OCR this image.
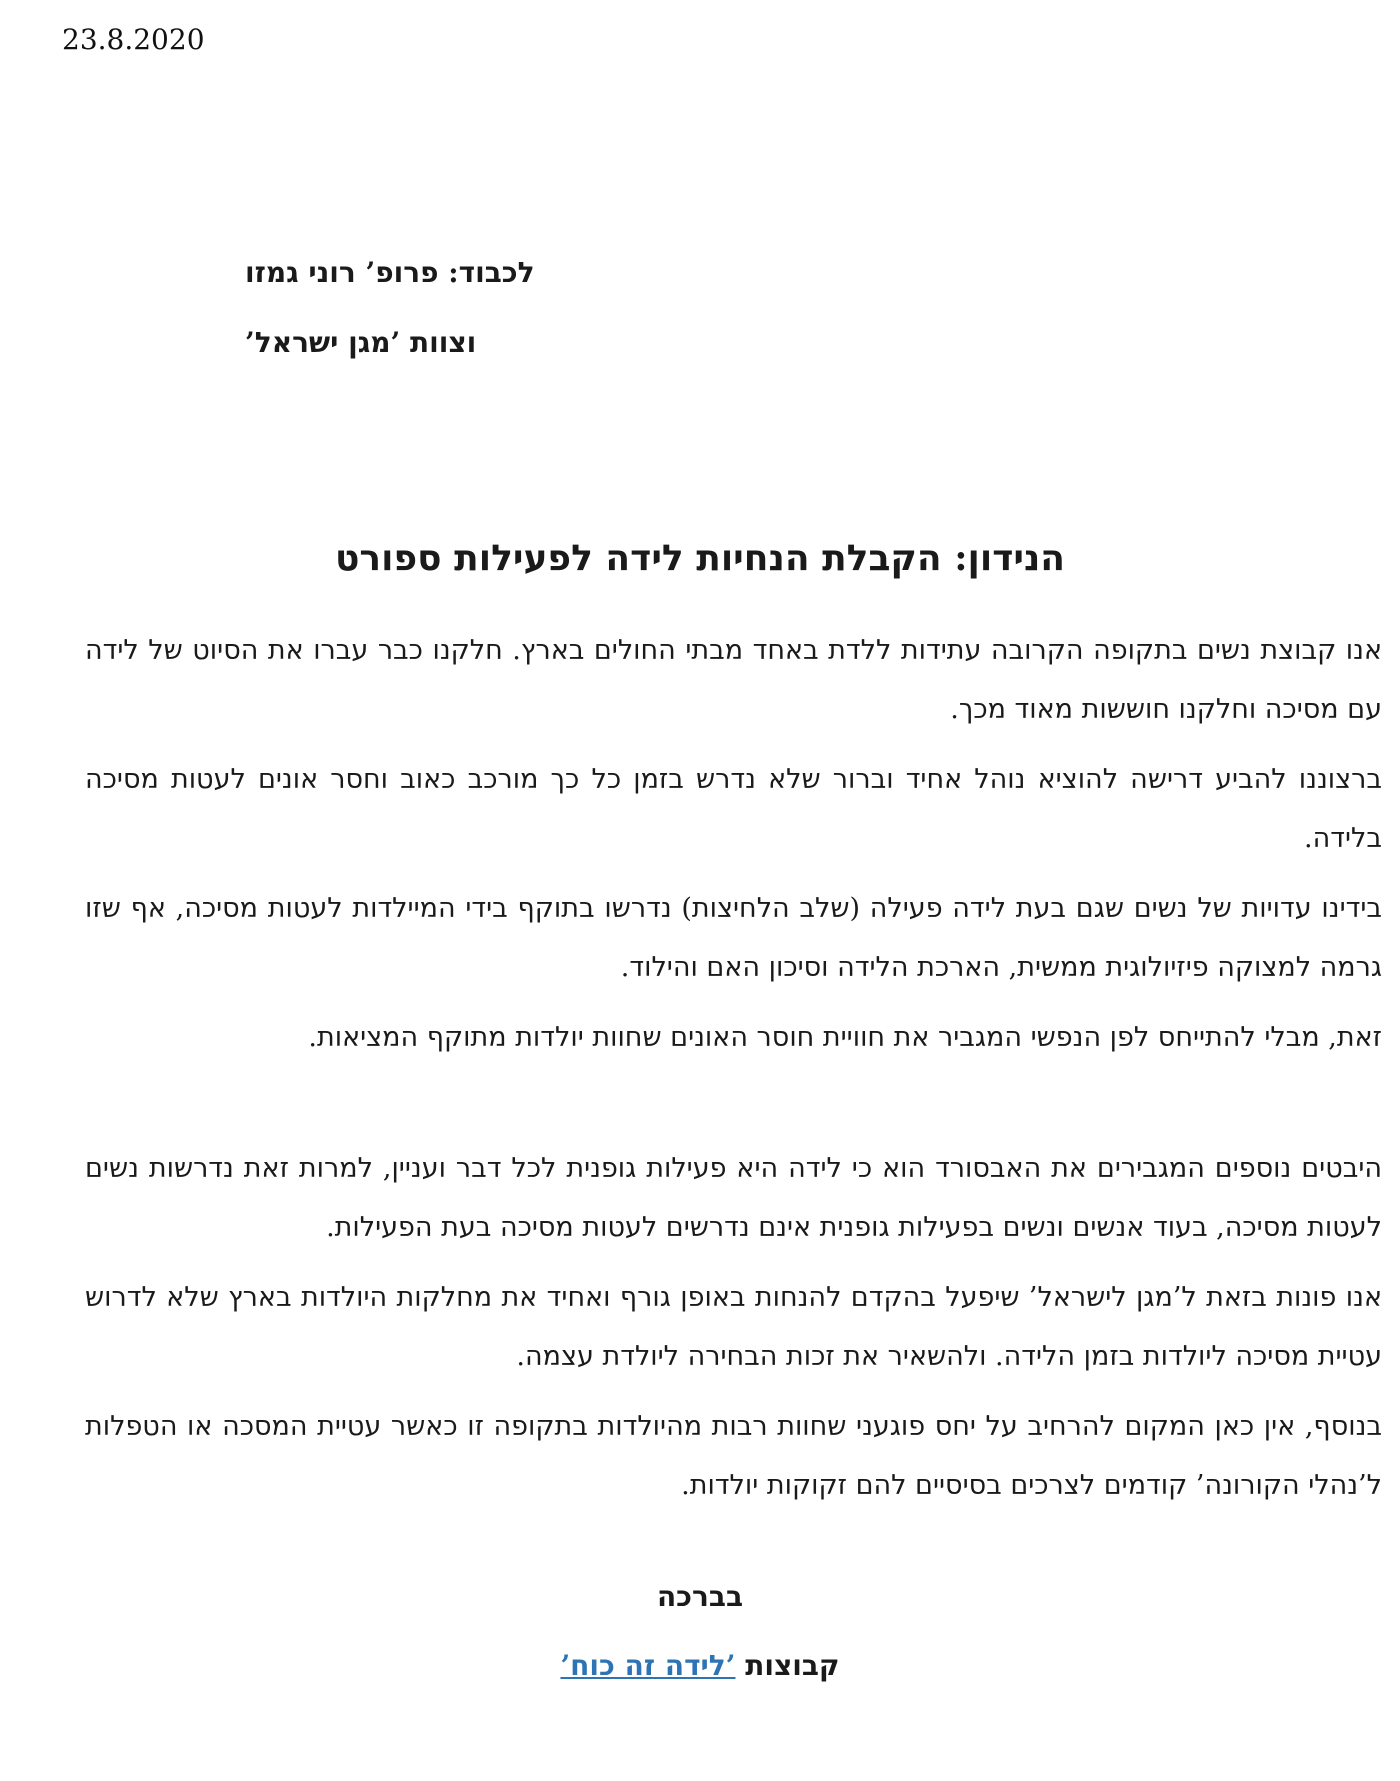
23.8.2020
לכבוד: פרופ’ רוני גמזו
וצוות ’מגן ישראל’
הנידון: הקבלת הנחיות לידה לפעילות ספורט

אנו קבוצת נשים בתקופה הקרובה עתידות ללדת באחד מבתי החולים בארץ. חלקנו כבר עברו את הסיוט של לידה עם מסיכה וחלקנו חוששות מאוד מכך.

ברצוננו להביע דרישה להוציא נוהל אחיד וברור שלא נדרש בזמן כל כך מורכב כאוב וחסר אונים לעטות מסיכה בלידה.

בידינו עדויות של נשים שגם בעת לידה פעילה (שלב הלחיצות) נדרשו בתוקף בידי המיילדות לעטות מסיכה, אף שזו גרמה למצוקה פיזיולוגית ממשית, הארכת הלידה וסיכון האם והילוד.

זאת, מבלי להתייחס לפן הנפשי המגביר את חוויית חוסר האונים שחוות יולדות מתוקף המציאות.

היבטים נוספים המגבירים את האבסורד הוא כי לידה היא פעילות גופנית לכל דבר ועניין, למרות זאת נדרשות נשים לעטות מסיכה, בעוד אנשים ונשים בפעילות גופנית אינם נדרשים לעטות מסיכה בעת הפעילות.

אנו פונות בזאת ל’מגן לישראל’ שיפעל בהקדם להנחות באופן גורף ואחיד את מחלקות היולדות בארץ שלא לדרוש עטיית מסיכה ליולדות בזמן הלידה. ולהשאיר את זכות הבחירה ליולדת עצמה.

בנוסף, אין כאן המקום להרחיב על יחס פוגעני שחוות רבות מהיולדות בתקופה זו כאשר עטיית המסכה או הטפלות ל’נהלי הקורונה’ קודמים לצרכים בסיסיים להם זקוקות יולדות.

בברכה
קבוצות ’לידה זה כוח’
